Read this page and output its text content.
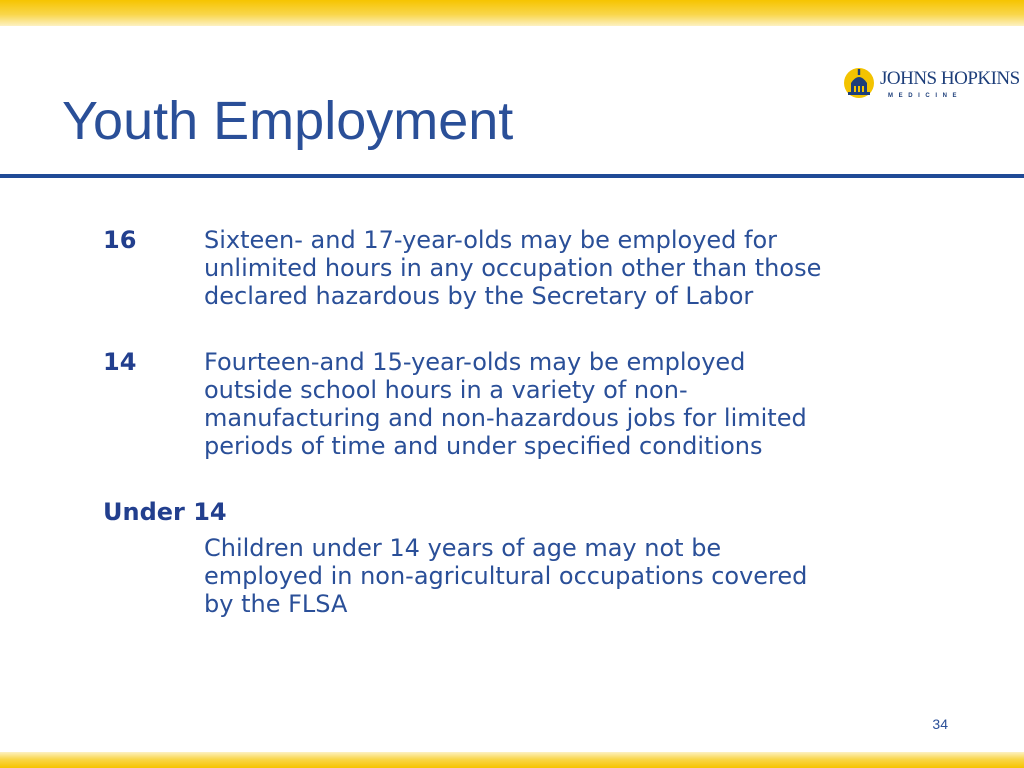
Youth Employment
JOHNS HOPKINS
MEDICINE
16	Sixteen- and 17-year-olds may be employed for
unlimited hours in any occupation other than those
declared hazardous by the Secretary of Labor

14	Fourteen-and 15-year-olds may be employed
outside school hours in a variety of non-
manufacturing and non-hazardous jobs for limited
periods of time and under specified conditions

Under 14

Children under 14 years of age may not be
employed in non-agricultural occupations covered
by the FLSA

34
